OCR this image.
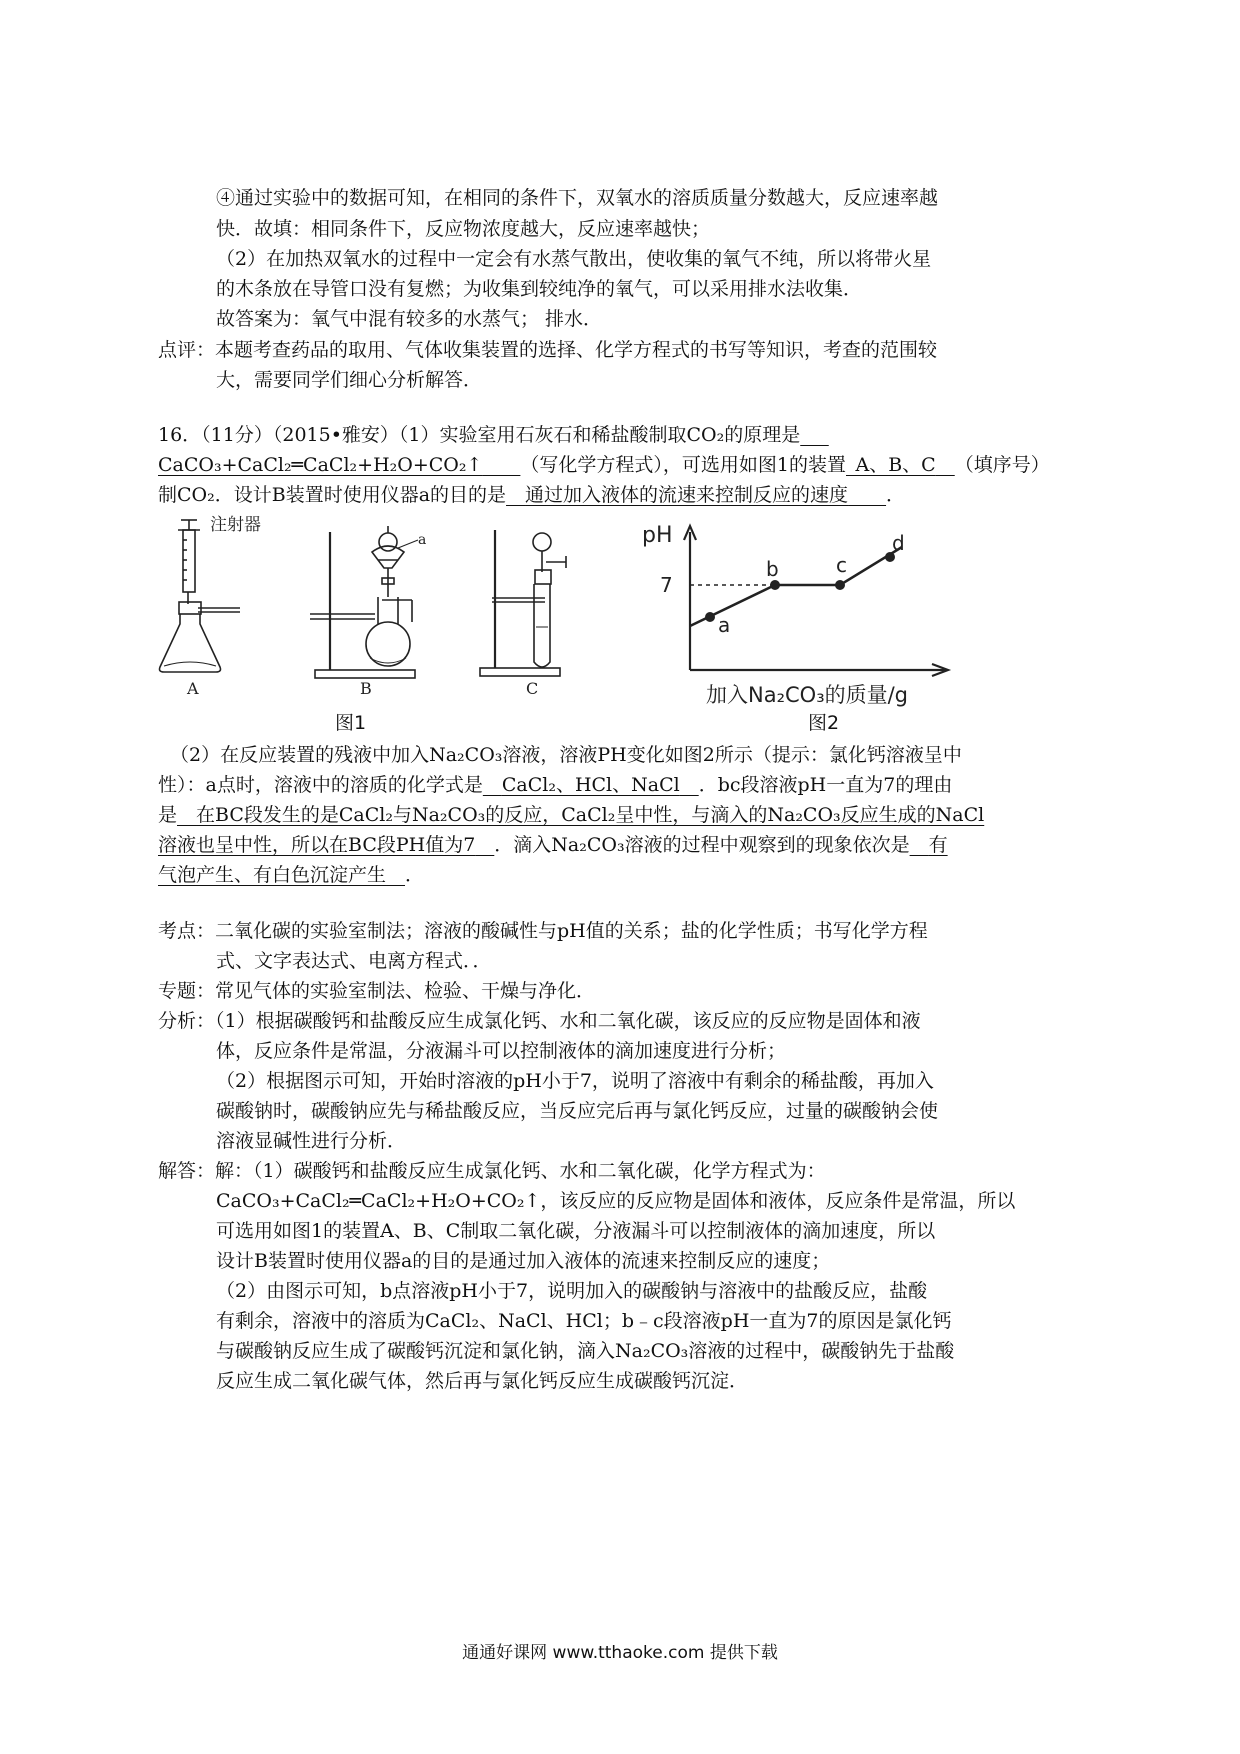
④通过实验中的数据可知，在相同的条件下，双氧水的溶质质量分数越大，反应速率越
快．故填：相同条件下，反应物浓度越大，反应速率越快；
（2）在加热双氧水的过程中一定会有水蒸气散出，使收集的氧气不纯，所以将带火星
的木条放在导管口没有复燃；为收集到较纯净的氧气，可以采用排水法收集．
故答案为：氧气中混有较多的水蒸气； 排水．
点评：本题考查药品的取用、气体收集装置的选择、化学方程式的书写等知识，考查的范围较
大，需要同学们细心分析解答．
16．（11分）（2015•雅安）（1）实验室用石灰石和稀盐酸制取CO₂的原理是  
CaCO₃+CaCl₂═CaCl₂+H₂O+CO₂↑   （写化学方程式），可选用如图1的装置  A、B、C  （填序号）
制CO₂．设计B装置时使用仪器a的目的是   通过加入液体的流速来控制反应的速度   ．
注射器
a
A	B	C
图1
a
b	c
d
pH
7
加入Na₂CO₃的质量/g
图2
（2）在反应装置的残液中加入Na₂CO₃溶液，溶液PH变化如图2所示（提示：氯化钙溶液呈中
性）：a点时，溶液中的溶质的化学式是   CaCl₂、HCl、NaCl  ．bc段溶液pH一直为7的理由
是   在BC段发生的是CaCl₂与Na₂CO₃的反应，CaCl₂呈中性，与滴入的Na₂CO₃反应生成的NaCl
溶液也呈中性，所以在BC段PH值为7  ．滴入Na₂CO₃溶液的过程中观察到的现象依次是   有
气泡产生、有白色沉淀产生  ．
考点：二氧化碳的实验室制法；溶液的酸碱性与pH值的关系；盐的化学性质；书写化学方程
式、文字表达式、电离方程式．．
专题：常见气体的实验室制法、检验、干燥与净化．
分析：（1）根据碳酸钙和盐酸反应生成氯化钙、水和二氧化碳，该反应的反应物是固体和液
体，反应条件是常温，分液漏斗可以控制液体的滴加速度进行分析；
（2）根据图示可知，开始时溶液的pH小于7，说明了溶液中有剩余的稀盐酸，再加入
碳酸钠时，碳酸钠应先与稀盐酸反应，当反应完后再与氯化钙反应，过量的碳酸钠会使
溶液显碱性进行分析．
解答：解：（1）碳酸钙和盐酸反应生成氯化钙、水和二氧化碳，化学方程式为：
CaCO₃+CaCl₂═CaCl₂+H₂O+CO₂↑，该反应的反应物是固体和液体，反应条件是常温，所以
可选用如图1的装置A、B、C制取二氧化碳，分液漏斗可以控制液体的滴加速度，所以
设计B装置时使用仪器a的目的是通过加入液体的流速来控制反应的速度；
（2）由图示可知，b点溶液pH小于7，说明加入的碳酸钠与溶液中的盐酸反应，盐酸
有剩余，溶液中的溶质为CaCl₂、NaCl、HCl；b﹣c段溶液pH一直为7的原因是氯化钙
与碳酸钠反应生成了碳酸钙沉淀和氯化钠，滴入Na₂CO₃溶液的过程中，碳酸钠先于盐酸
反应生成二氧化碳气体，然后再与氯化钙反应生成碳酸钙沉淀．
通通好课网 www.tthaoke.com 提供下载
